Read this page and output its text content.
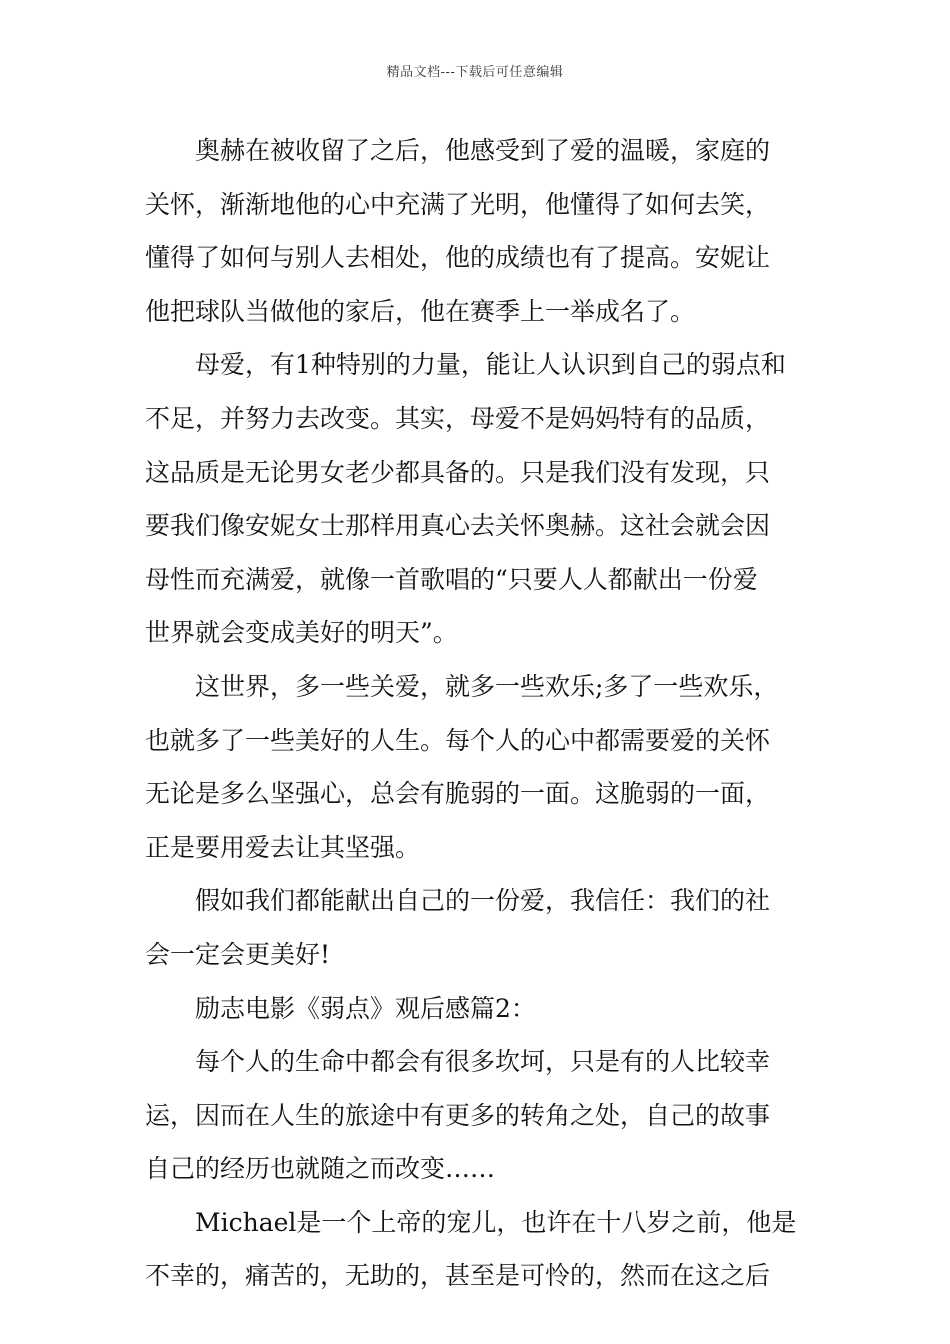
精品文档---下载后可任意编辑
奥赫在被收留了之后，他感受到了爱的温暖，家庭的
关怀，渐渐地他的心中充满了光明，他懂得了如何去笑，
懂得了如何与别人去相处，他的成绩也有了提高。安妮让
他把球队当做他的家后，他在赛季上一举成名了。
母爱，有1种特别的力量，能让人认识到自己的弱点和
不足，并努力去改变。其实，母爱不是妈妈特有的品质，
这品质是无论男女老少都具备的。只是我们没有发现，只
要我们像安妮女士那样用真心去关怀奥赫。这社会就会因
母性而充满爱，就像一首歌唱的“只要人人都献出一份爱
世界就会变成美好的明天”。
这世界，多一些关爱，就多一些欢乐;多了一些欢乐，
也就多了一些美好的人生。每个人的心中都需要爱的关怀
无论是多么坚强心，总会有脆弱的一面。这脆弱的一面，
正是要用爱去让其坚强。
假如我们都能献出自己的一份爱，我信任：我们的社
会一定会更美好!
励志电影《弱点》观后感篇2：
每个人的生命中都会有很多坎坷，只是有的人比较幸
运，因而在人生的旅途中有更多的转角之处，自己的故事
自己的经历也就随之而改变……
Michael是一个上帝的宠儿，也许在十八岁之前，他是
不幸的，痛苦的，无助的，甚至是可怜的，然而在这之后
